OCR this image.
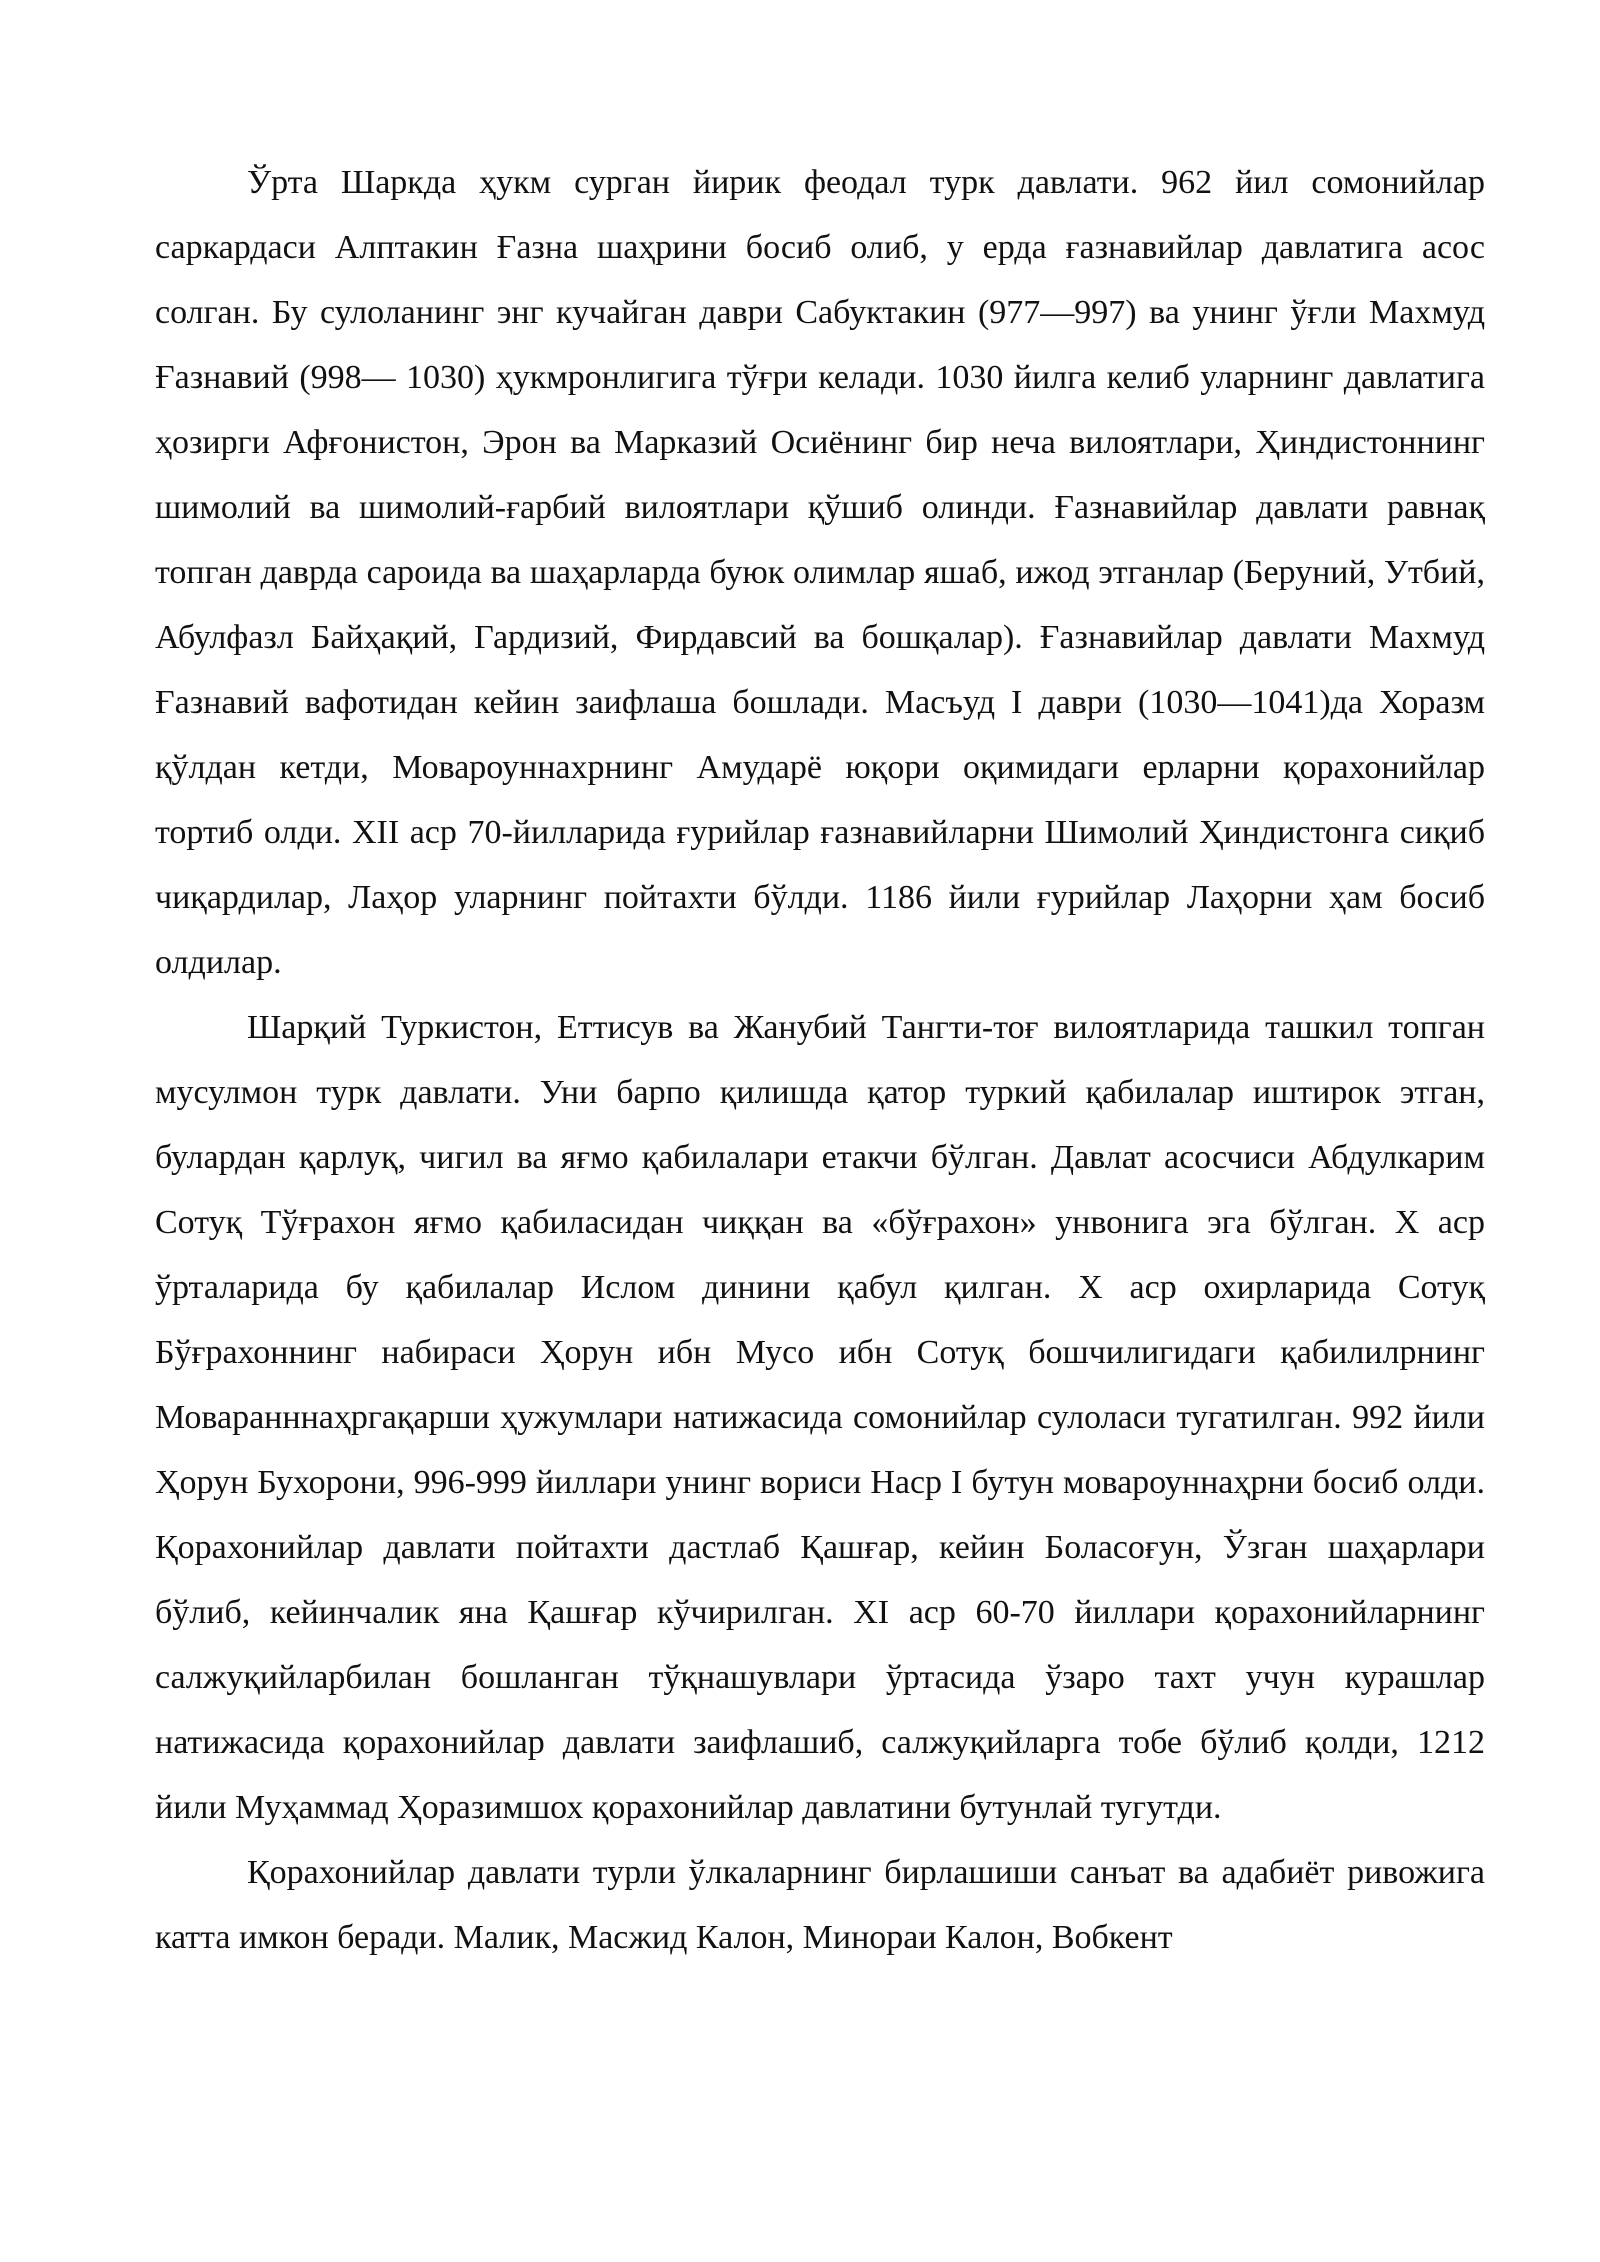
Ўрта Шаркда ҳукм сурган йирик феодал турк давлати. 962 йил сомонийлар саркардаси Алптакин Ғазна шаҳрини босиб олиб, у ерда ғазнавийлар давлатига асос солган. Бу сулоланинг энг кучайган даври Сабуктакин (977—997) ва унинг ўғли Махмуд Ғазнавий (998— 1030) ҳукмронлигига тўғри келади. 1030 йилга келиб уларнинг давлатига ҳозирги Афғонистон, Эрон ва Марказий Осиёнинг бир неча вилоятлари, Ҳиндистоннинг шимолий ва шимолий-ғарбий вилоятлари қўшиб олинди. Ғазнавийлар давлати равнақ топган даврда сароида ва шаҳарларда буюк олимлар яшаб, ижод этганлар (Беруний, Утбий, Абулфазл Байҳақий, Гардизий, Фирдавсий ва бошқалар). Ғазнавийлар давлати Махмуд Ғазнавий вафотидан кейин заифлаша бошлади. Масъуд I даври (1030—1041)да Хоразм қўлдан кетди, Мовароуннахрнинг Амударё юқори оқимидаги ерларни қорахонийлар тортиб олди. XII аср 70-йилларида ғурийлар ғазнавийларни Шимолий Ҳиндистонга сиқиб чиқардилар, Лаҳор уларнинг пойтахти бўлди. 1186 йили ғурийлар Лаҳорни ҳам босиб олдилар.

Шарқий Туркистон, Еттисув ва Жанубий Тангти-тоғ вилоятларида ташкил топган мусулмон турк давлати. Уни барпо қилишда қатор туркий қабилалар иштирок этган, булардан қарлуқ, чигил ва яғмо қабилалари етакчи бўлган. Давлат асосчиси Абдулкарим Сотуқ Тўғрахон яғмо қабиласидан чиққан ва «бўғрахон» унвонига эга бўлган. X аср ўрталарида бу қабилалар Ислом динини қабул қилган. X аср охирларида Сотуқ Бўғрахоннинг набираси Ҳорун ибн Мусо ибн Сотуқ бошчилигидаги қабилилрнинг Моваранннаҳргақарши ҳужумлари натижасида сомонийлар сулоласи тугатилган. 992 йили Ҳорун Бухорони, 996-999 йиллари унинг вориси Наср I бутун мовароуннаҳрни босиб олди. Қорахонийлар давлати пойтахти дастлаб Қашғар, кейин Боласоғун, Ўзган шаҳарлари бўлиб, кейинчалик яна Қашғар кўчирилган. XI аср 60-70 йиллари қорахонийларнинг салжуқийларбилан бошланган тўқнашувлари ўртасида ўзаро тахт учун курашлар натижасида қорахонийлар давлати заифлашиб, салжуқийларга тобе бўлиб қолди, 1212 йили Муҳаммад Ҳоразимшох қорахонийлар давлатини бутунлай тугутди.

Қорахонийлар давлати турли ўлкаларнинг бирлашиши санъат ва адабиёт ривожига катта имкон беради. Малик, Масжид Калон, Минораи Калон, Вобкент
